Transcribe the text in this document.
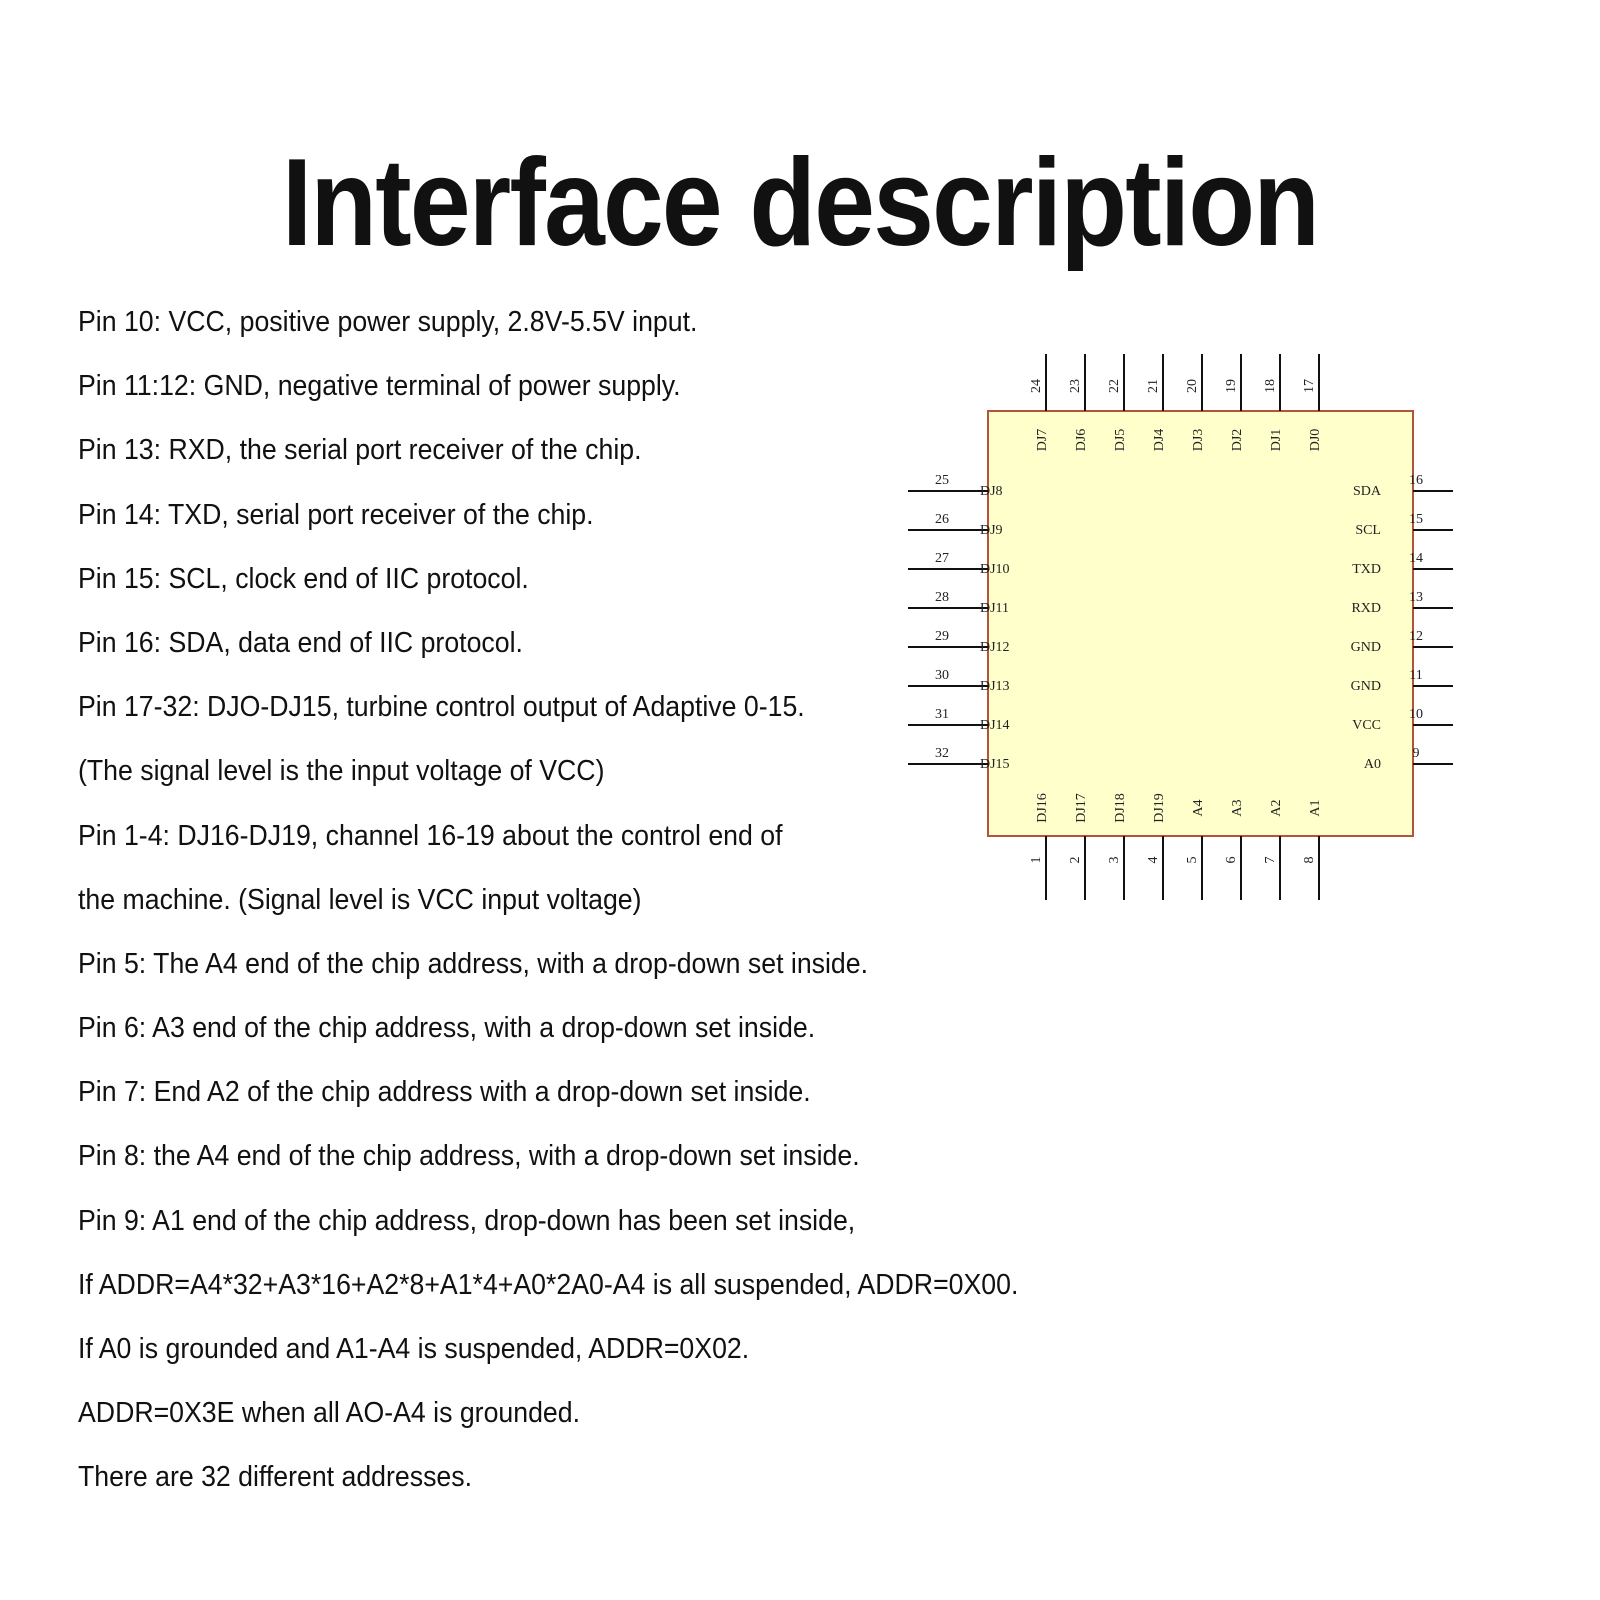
Interface description
Pin 10: VCC, positive power supply, 2.8V-5.5V input.
Pin 11:12: GND, negative terminal of power supply.
Pin 13: RXD, the serial port receiver of the chip.
Pin 14: TXD, serial port receiver of the chip.
Pin 15: SCL, clock end of IIC protocol.
Pin 16: SDA, data end of IIC protocol.
Pin 17-32: DJO-DJ15, turbine control output of Adaptive 0-15.
(The signal level is the input voltage of VCC)
Pin 1-4: DJ16-DJ19, channel 16-19 about the control end of
the machine. (Signal level is VCC input voltage)
Pin 5: The A4 end of the chip address, with a drop-down set inside.
Pin 6: A3 end of the chip address, with a drop-down set inside.
Pin 7: End A2 of the chip address with a drop-down set inside.
Pin 8: the A4 end of the chip address, with a drop-down set inside.
Pin 9: A1 end of the chip address, drop-down has been set inside,
If ADDR=A4*32+A3*16+A2*8+A1*4+A0*2A0-A4 is all suspended, ADDR=0X00.
If A0 is grounded and A1-A4 is suspended, ADDR=0X02.
ADDR=0X3E when all AO-A4 is grounded.
There are 32 different addresses.
24
DJ7
23
DJ6
22
DJ5
21
DJ4
20
DJ3
19
DJ2
18
DJ1
17
DJ0
1
DJ16
2
DJ17
3
DJ18
4
DJ19
5
A4
6
A3
7
A2
8
A1
25
DJ8
26
DJ9
27
DJ10
28
DJ11
29
DJ12
30
DJ13
31
DJ14
32
DJ15
16
SDA
15
SCL
14
TXD
13
RXD
12
GND
11
GND
10
VCC
9
A0
